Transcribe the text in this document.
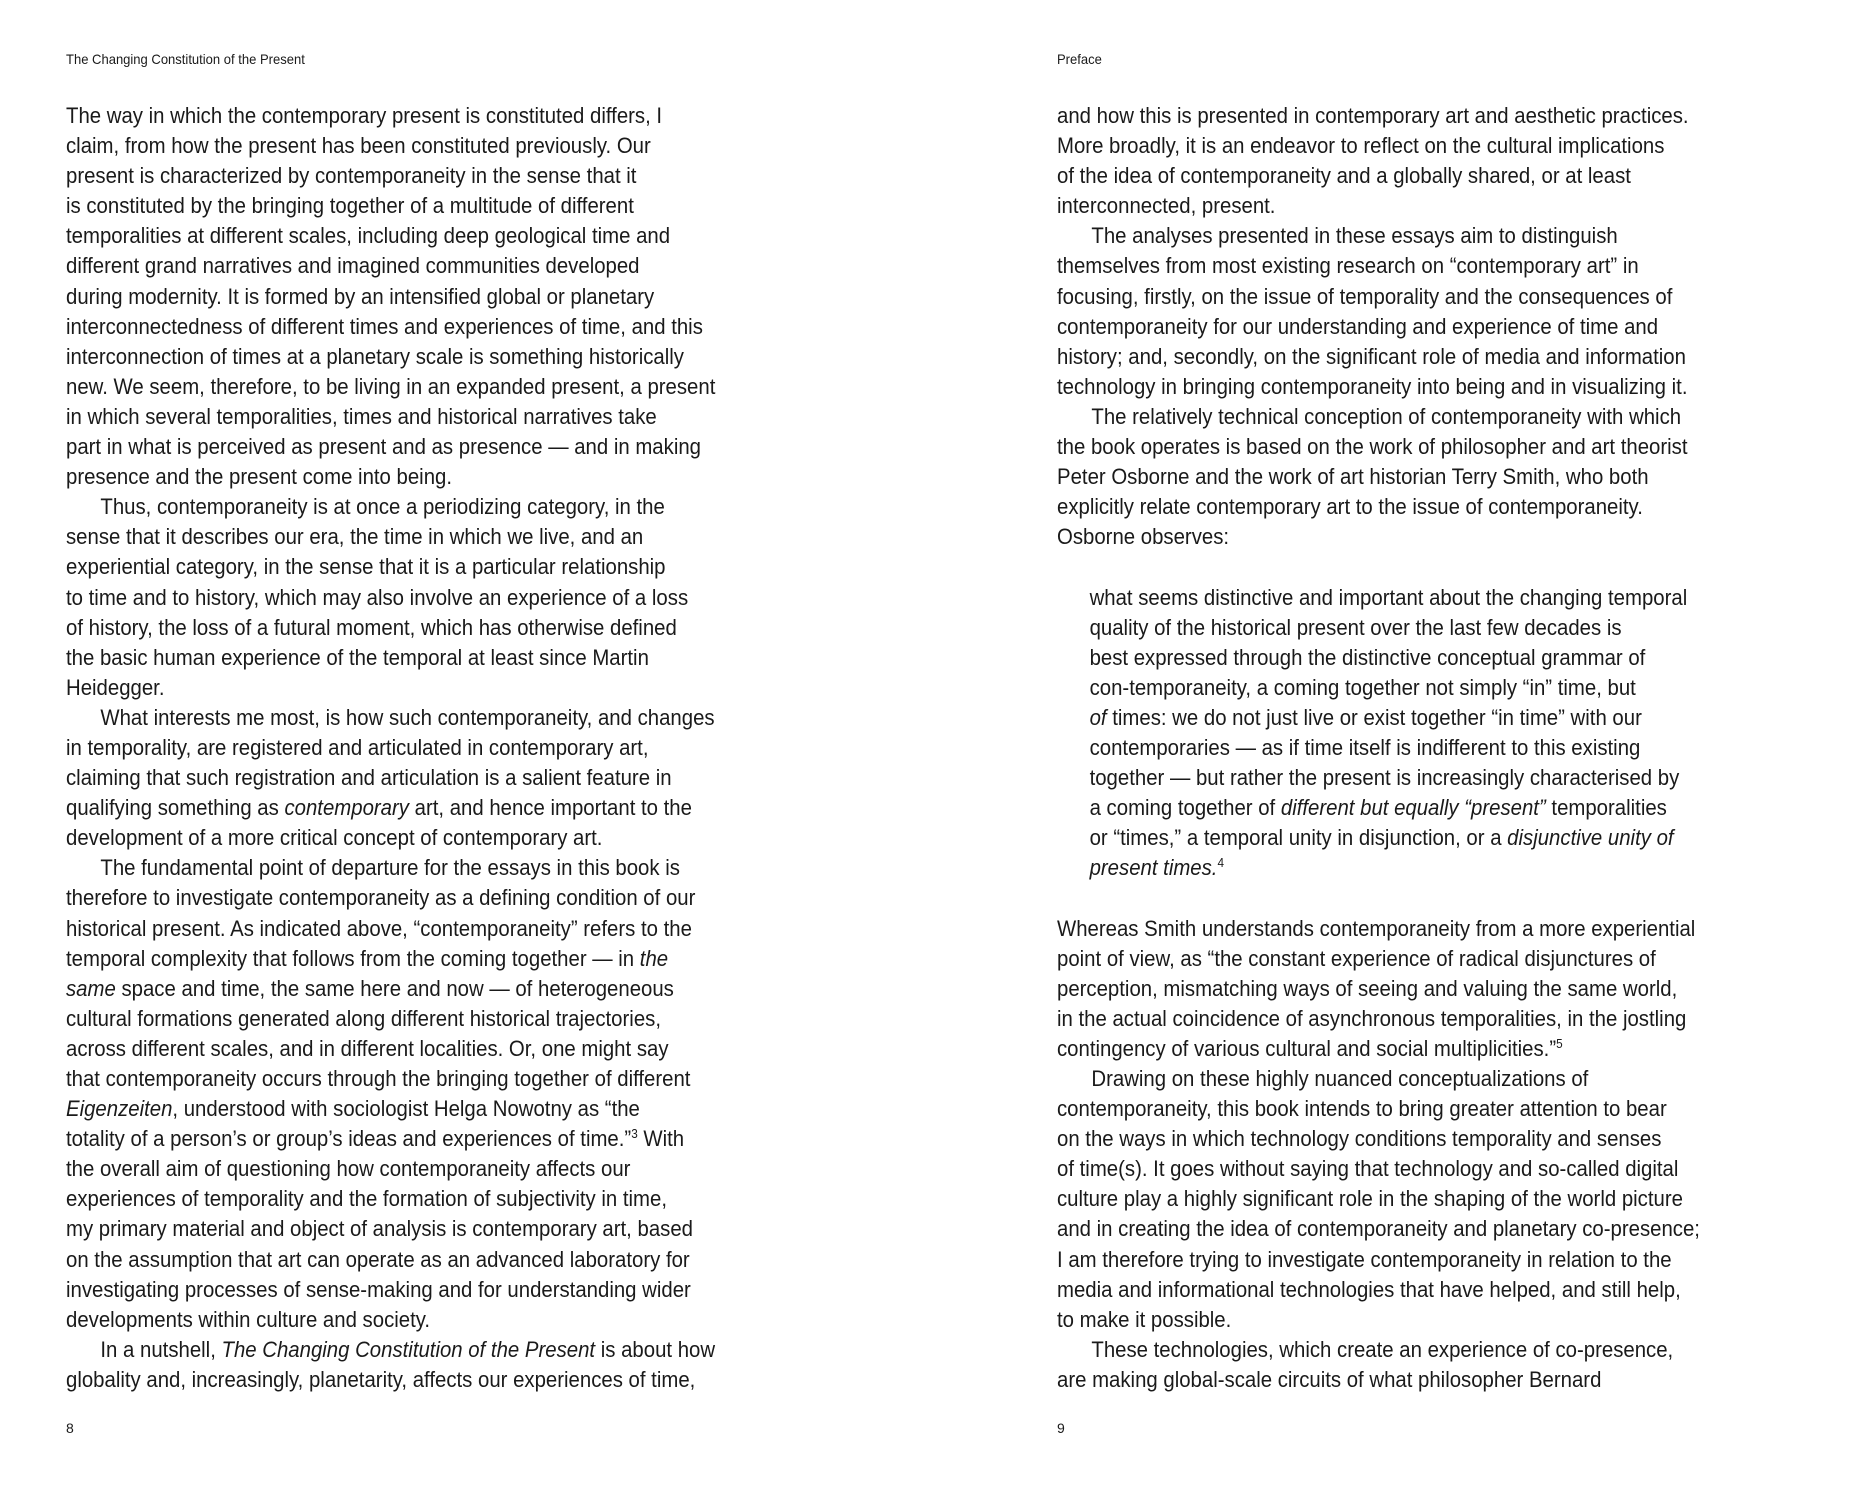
The Changing Constitution of the Present
The way in which the contemporary present is constituted differs, I
claim, from how the present has been constituted previously. Our
present is characterized by contemporaneity in the sense that it
is constituted by the bringing together of a multitude of different
temporalities at different scales, including deep geological time and
different grand narratives and imagined communities developed
during modernity. It is formed by an intensified global or planetary
interconnectedness of different times and experiences of time, and this
interconnection of times at a planetary scale is something historically
new. We seem, therefore, to be living in an expanded present, a present
in which several temporalities, times and historical narratives take
part in what is perceived as present and as presence — and in making
presence and the present come into being.
Thus, contemporaneity is at once a periodizing category, in the
sense that it describes our era, the time in which we live, and an
experiential category, in the sense that it is a particular relationship
to time and to history, which may also involve an experience of a loss
of history, the loss of a futural moment, which has otherwise defined
the basic human experience of the temporal at least since Martin
Heidegger.
What interests me most, is how such contemporaneity, and changes
in temporality, are registered and articulated in contemporary art,
claiming that such registration and articulation is a salient feature in
qualifying something as contemporary art, and hence important to the
development of a more critical concept of contemporary art.
The fundamental point of departure for the essays in this book is
therefore to investigate contemporaneity as a defining condition of our
historical present. As indicated above, “contemporaneity” refers to the
temporal complexity that follows from the coming together — in the
same space and time, the same here and now — of heterogeneous
cultural formations generated along different historical trajectories,
across different scales, and in different localities. Or, one might say
that contemporaneity occurs through the bringing together of different
Eigenzeiten, understood with sociologist Helga Nowotny as “the
totality of a person’s or group’s ideas and experiences of time.”$^3$ With
the overall aim of questioning how contemporaneity affects our
experiences of temporality and the formation of subjectivity in time,
my primary material and object of analysis is contemporary art, based
on the assumption that art can operate as an advanced laboratory for
investigating processes of sense-making and for understanding wider
developments within culture and society.
In a nutshell, The Changing Constitution of the Present is about how
globality and, increasingly, planetarity, affects our experiences of time,
8
Preface
and how this is presented in contemporary art and aesthetic practices.
More broadly, it is an endeavor to reflect on the cultural implications
of the idea of contemporaneity and a globally shared, or at least
interconnected, present.
The analyses presented in these essays aim to distinguish
themselves from most existing research on “contemporary art” in
focusing, firstly, on the issue of temporality and the consequences of
contemporaneity for our understanding and experience of time and
history; and, secondly, on the significant role of media and information
technology in bringing contemporaneity into being and in visualizing it.
The relatively technical conception of contemporaneity with which
the book operates is based on the work of philosopher and art theorist
Peter Osborne and the work of art historian Terry Smith, who both
explicitly relate contemporary art to the issue of contemporaneity.
Osborne observes:
what seems distinctive and important about the changing temporal
quality of the historical present over the last few decades is
best expressed through the distinctive conceptual grammar of
con-temporaneity, a coming together not simply “in” time, but
of times: we do not just live or exist together “in time” with our
contemporaries — as if time itself is indifferent to this existing
together — but rather the present is increasingly characterised by
a coming together of different but equally “present” temporalities
or “times,” a temporal unity in disjunction, or a disjunctive unity of
present times.$^4$
Whereas Smith understands contemporaneity from a more experiential
point of view, as “the constant experience of radical disjunctures of
perception, mismatching ways of seeing and valuing the same world,
in the actual coincidence of asynchronous temporalities, in the jostling
contingency of various cultural and social multiplicities.”$^5$
Drawing on these highly nuanced conceptualizations of
contemporaneity, this book intends to bring greater attention to bear
on the ways in which technology conditions temporality and senses
of time(s). It goes without saying that technology and so-called digital
culture play a highly significant role in the shaping of the world picture
and in creating the idea of contemporaneity and planetary co-presence;
I am therefore trying to investigate contemporaneity in relation to the
media and informational technologies that have helped, and still help,
to make it possible.
These technologies, which create an experience of co-presence,
are making global-scale circuits of what philosopher Bernard
9
